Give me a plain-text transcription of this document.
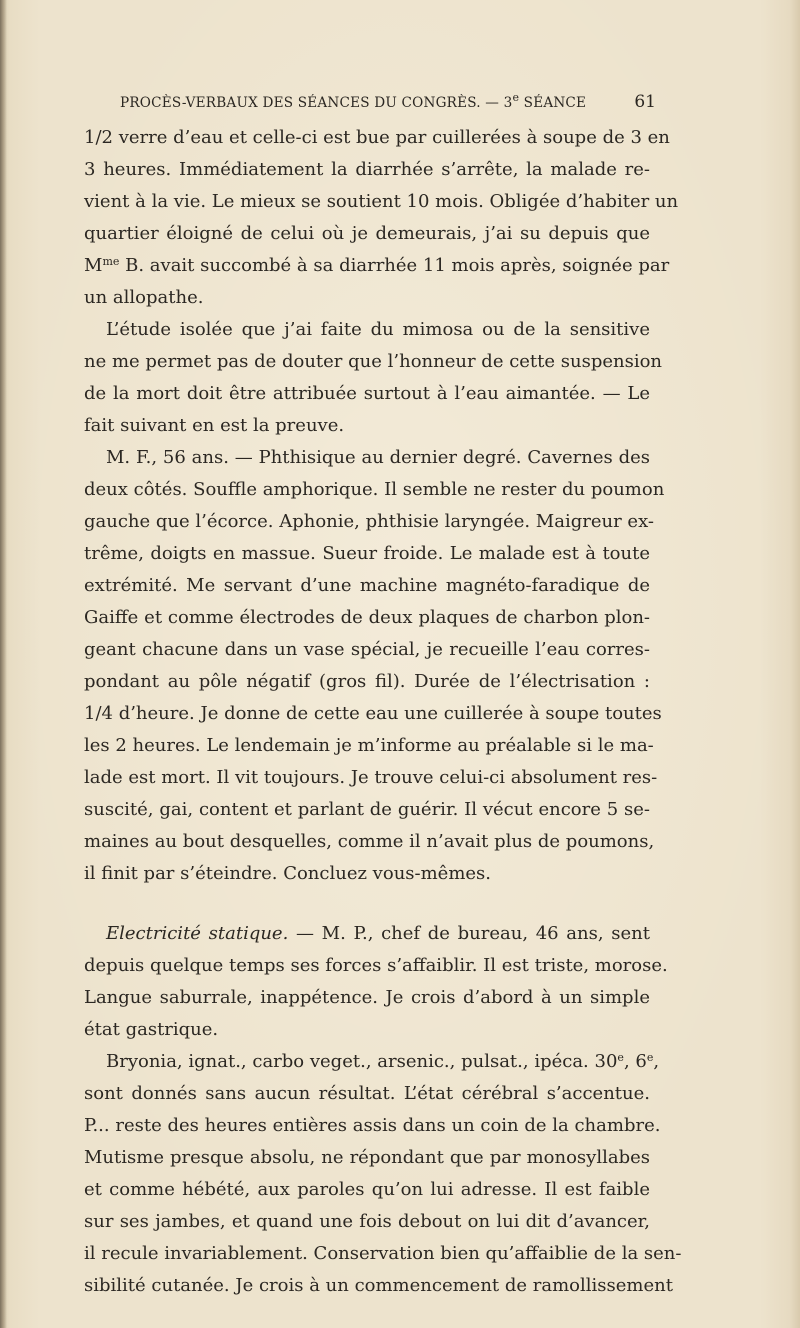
PROCÈS-VERBAUX DES SÉANCES DU CONGRÈS. — 3e SÉANCE	61
1/2 verre d’eau et celle-ci est bue par cuillerées à soupe de 3 en
3 heures. Immédiatement la diarrhée s’arrête, la malade re-
vient à la vie. Le mieux se soutient 10 mois. Obligée d’habiter un
quartier éloigné de celui où je demeurais, j’ai su depuis que
$M^{me}$ B. avait succombé à sa diarrhée 11 mois après, soignée par
un allopathe.
L’étude isolée que j’ai faite du mimosa ou de la sensitive
ne me permet pas de douter que l’honneur de cette suspension
de la mort doit être attribuée surtout à l’eau aimantée. — Le
fait suivant en est la preuve.
M. F., 56 ans. — Phthisique au dernier degré. Cavernes des
deux côtés. Souffle amphorique. Il semble ne rester du poumon
gauche que l’écorce. Aphonie, phthisie laryngée. Maigreur ex-
trême, doigts en massue. Sueur froide. Le malade est à toute
extrémité. Me servant d’une machine magnéto-faradique de
Gaiffe et comme électrodes de deux plaques de charbon plon-
geant chacune dans un vase spécial, je recueille l’eau corres-
pondant au pôle négatif (gros fil). Durée de l’électrisation :
1/4 d’heure. Je donne de cette eau une cuillerée à soupe toutes
les 2 heures. Le lendemain je m’informe au préalable si le ma-
lade est mort. Il vit toujours. Je trouve celui-ci absolument res-
suscité, gai, content et parlant de guérir. Il vécut encore 5 se-
maines au bout desquelles, comme il n’avait plus de poumons,
il finit par s’éteindre. Concluez vous-mêmes.
Electricité statique. — M. P., chef de bureau, 46 ans, sent
depuis quelque temps ses forces s’affaiblir. Il est triste, morose.
Langue saburrale, inappétence. Je crois d’abord à un simple
état gastrique.
Bryonia, ignat., carbo veget., arsenic., pulsat., ipéca. 30e, 6e,
sont donnés sans aucun résultat. L’état cérébral s’accentue.
P... reste des heures entières assis dans un coin de la chambre.
Mutisme presque absolu, ne répondant que par monosyllabes
et comme hébété, aux paroles qu’on lui adresse. Il est faible
sur ses jambes, et quand une fois debout on lui dit d’avancer,
il recule invariablement. Conservation bien qu’affaiblie de la sen-
sibilité cutanée. Je crois à un commencement de ramollissement
